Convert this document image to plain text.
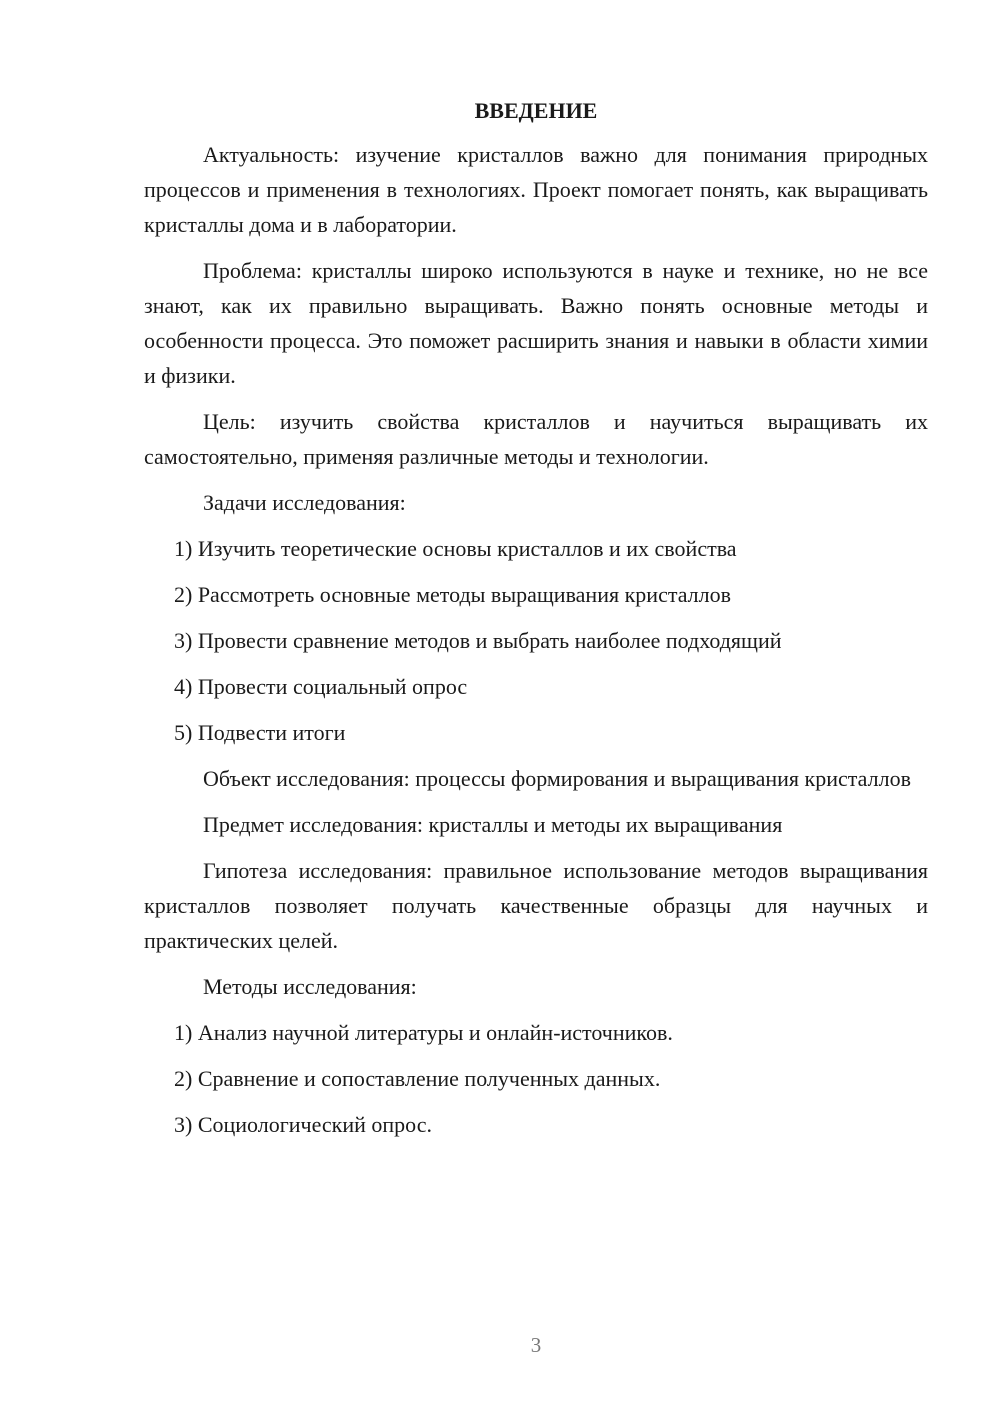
ВВЕДЕНИЕ
Актуальность: изучение кристаллов важно для понимания природных процессов и применения в технологиях. Проект помогает понять, как выращивать кристаллы дома и в лаборатории.
Проблема: кристаллы широко используются в науке и технике, но не все знают, как их правильно выращивать. Важно понять основные методы и особенности процесса. Это поможет расширить знания и навыки в области химии и физики.
Цель: изучить свойства кристаллов и научиться выращивать их самостоятельно, применяя различные методы и технологии.
Задачи исследования:
1) Изучить теоретические основы кристаллов и их свойства
2) Рассмотреть основные методы выращивания кристаллов
3) Провести сравнение методов и выбрать наиболее подходящий
4) Провести социальный опрос
5) Подвести итоги
Объект исследования: процессы формирования и выращивания кристаллов
Предмет исследования: кристаллы и методы их выращивания
Гипотеза исследования: правильное использование методов выращивания кристаллов позволяет получать качественные образцы для научных и практических целей.
Методы исследования:
1) Анализ научной литературы и онлайн-источников.
2) Сравнение и сопоставление полученных данных.
3) Социологический опрос.
3
